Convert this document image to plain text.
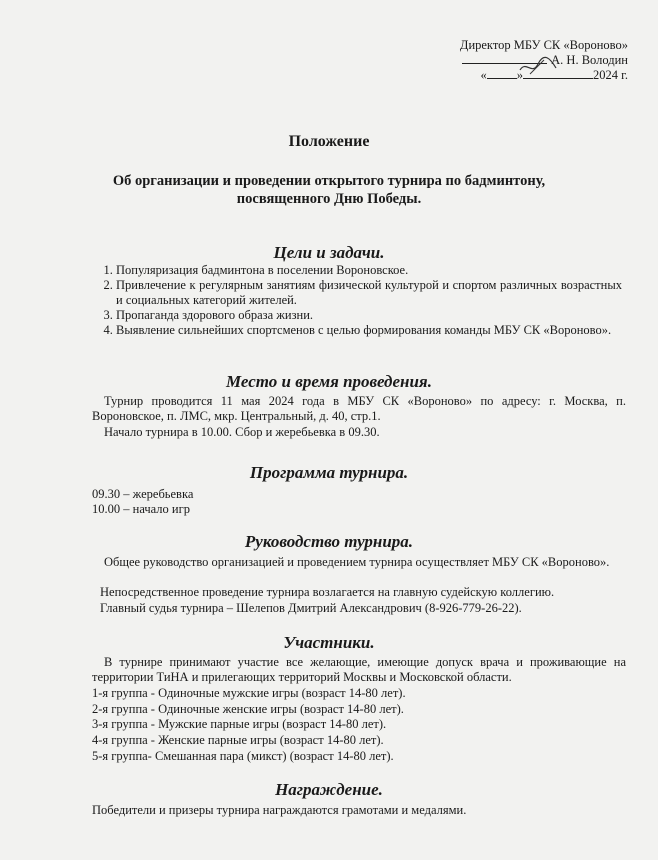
Директор МБУ СК «Вороново»
А. Н. Володин
« »	2024 г.
Положение
Об организации и проведении открытого турнира по бадминтону, посвященного Дню Победы.
Цели и задачи.
1. Популяризация бадминтона в поселении Вороновское.
2. Привлечение к регулярным занятиям физической культурой и спортом различных возрастных и социальных категорий жителей.
3. Пропаганда здорового образа жизни.
4. Выявление сильнейших спортсменов с целью формирования команды МБУ СК «Вороново».
Место и время проведения.
Турнир проводится 11 мая 2024 года в МБУ СК «Вороново» по адресу: г. Москва, п. Вороновское, п. ЛМС, мкр. Центральный, д. 40, стр.1.
Начало турнира в 10.00. Сбор и жеребьевка в 09.30.
Программа турнира.
09.30 – жеребьевка
10.00 – начало игр
Руководство турнира.
Общее руководство организацией и проведением турнира осуществляет МБУ СК «Вороново».
Непосредственное проведение турнира возлагается на главную судейскую коллегию.
Главный судья турнира – Шелепов Дмитрий Александрович (8-926-779-26-22).
Участники.
В турнире принимают участие все желающие, имеющие допуск врача и проживающие на территории ТиНА и прилегающих территорий Москвы и Московской области.
1-я группа - Одиночные мужские игры (возраст 14-80 лет).
2-я группа - Одиночные женские игры (возраст 14-80 лет).
3-я группа - Мужские парные игры (возраст 14-80 лет).
4-я группа - Женские парные игры (возраст 14-80 лет).
5-я группа- Смешанная пара (микст) (возраст 14-80 лет).
Награждение.
Победители и призеры турнира награждаются грамотами и медалями.
